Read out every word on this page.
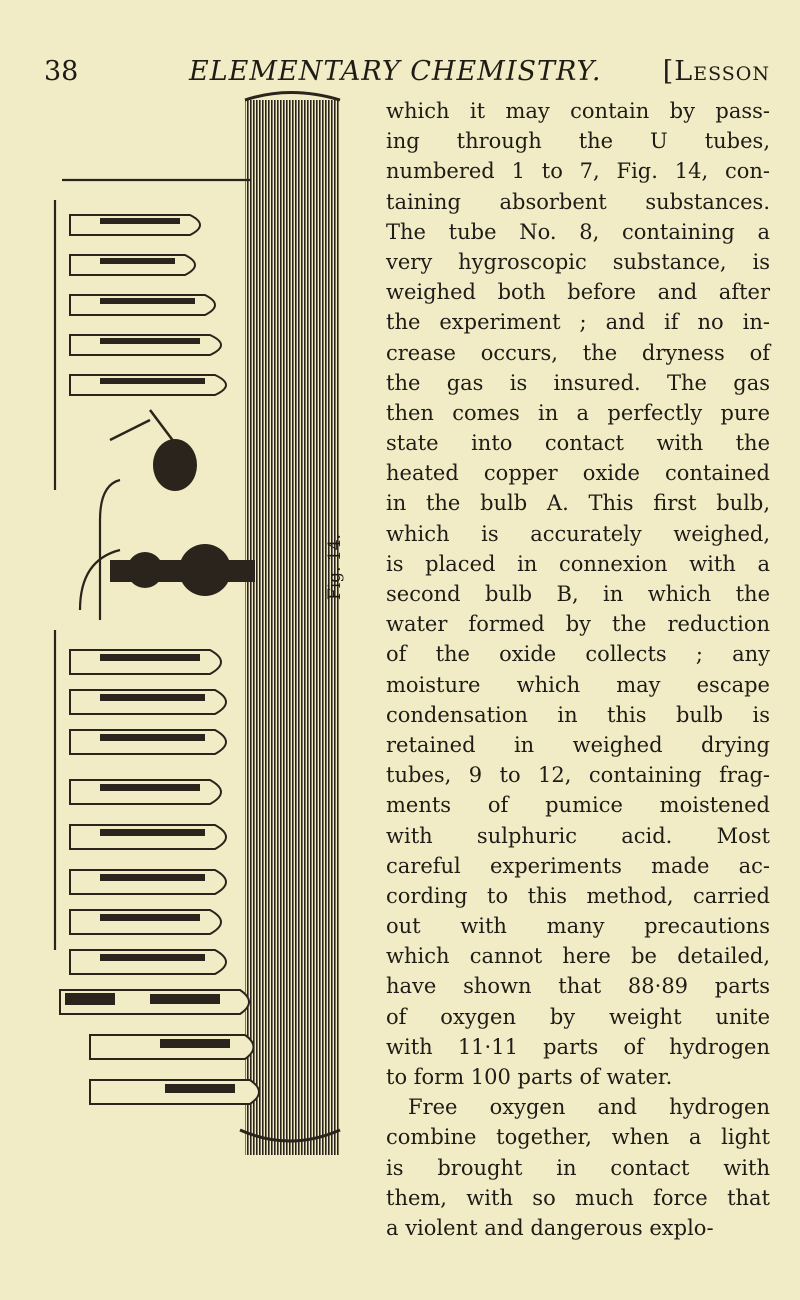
38	ELEMENTARY CHEMISTRY. [Lesson
Fig. 14.
which it may contain by pass-
ing through the U tubes,
numbered 1 to 7, Fig. 14, con-
taining absorbent substances.
The tube No. 8, containing a
very hygroscopic substance, is
weighed both before and after
the experiment ; and if no in-
crease occurs, the dryness of
the gas is insured. The gas
then comes in a perfectly pure
state into contact with the
heated copper oxide contained
in the bulb A. This first bulb,
which is accurately weighed,
is placed in connexion with a
second bulb B, in which the
water formed by the reduction
of the oxide collects ; any
moisture which may escape
condensation in this bulb is
retained in weighed drying
tubes, 9 to 12, containing frag-
ments of pumice moistened
with sulphuric acid. Most
careful experiments made ac-
cording to this method, carried
out with many precautions
which cannot here be detailed,
have shown that 88·89 parts
of oxygen by weight unite
with 11·11 parts of hydrogen
to form 100 parts of water.
Free oxygen and hydrogen
combine together, when a light
is brought in contact with
them, with so much force that
a violent and dangerous explo-
